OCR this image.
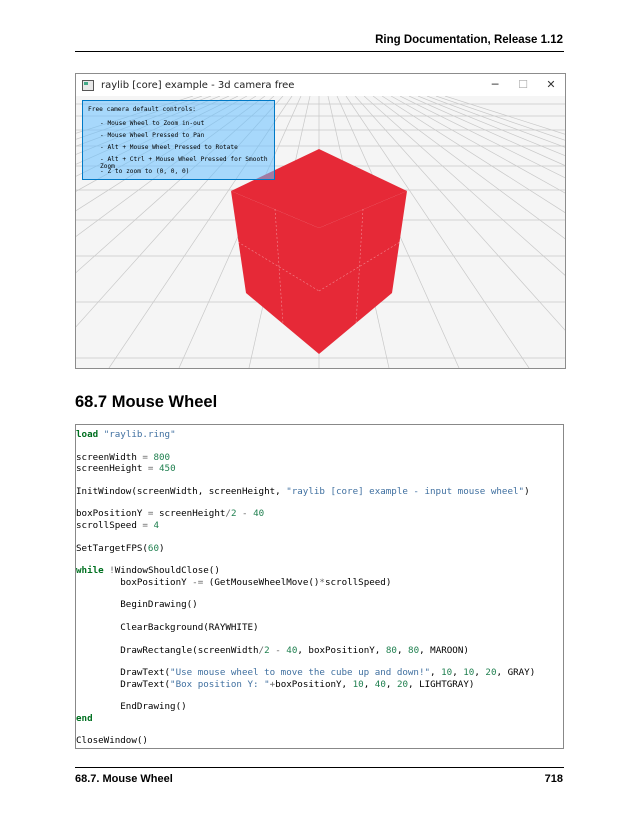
Ring Documentation, Release 1.12
raylib [core] example - 3d camera free	─	☐	✕
Free camera default controls:
- Mouse Wheel to Zoom in-out
- Mouse Wheel Pressed to Pan
- Alt + Mouse Wheel Pressed to Rotate
- Alt + Ctrl + Mouse Wheel Pressed for Smooth Zoom
- Z to zoom to (0, 0, 0)
68.7 Mouse Wheel
load "raylib.ring"
screenWidth = 800
screenHeight = 450
InitWindow(screenWidth, screenHeight, "raylib [core] example - input mouse wheel")
boxPositionY = screenHeight/2 - 40
scrollSpeed = 4
SetTargetFPS(60)
while !WindowShouldClose()
boxPositionY -= (GetMouseWheelMove()*scrollSpeed)
BeginDrawing()
ClearBackground(RAYWHITE)
DrawRectangle(screenWidth/2 - 40, boxPositionY, 80, 80, MAROON)
DrawText("Use mouse wheel to move the cube up and down!", 10, 10, 20, GRAY)
DrawText("Box position Y: "+boxPositionY, 10, 40, 20, LIGHTGRAY)
EndDrawing()
end
CloseWindow()
68.7. Mouse Wheel	718
